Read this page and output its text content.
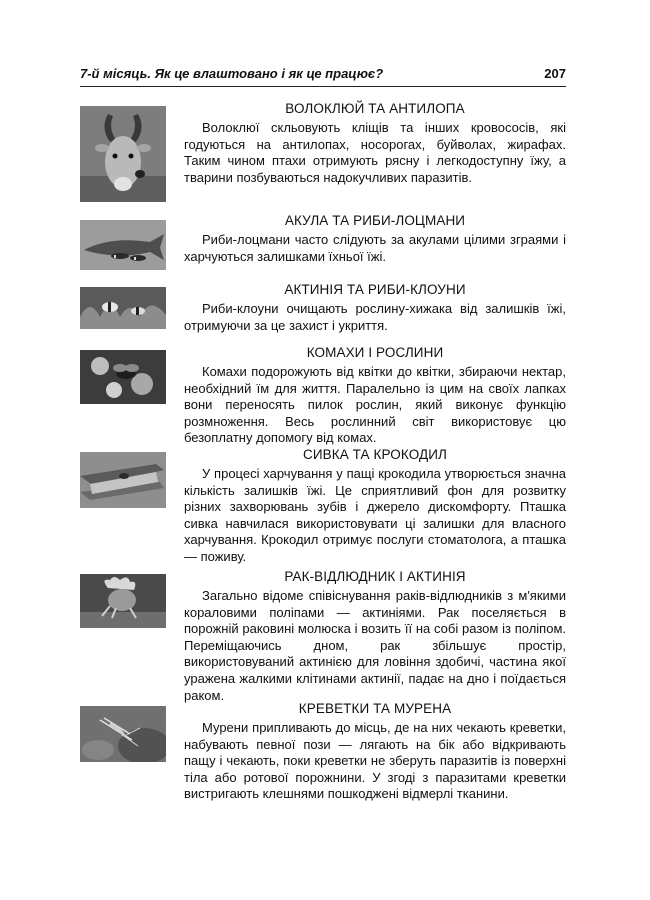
7-й місяць. Як це влаштовано і як це працює?	207
ВОЛОКЛЮЙ ТА АНТИЛОПА

Волоклюї скльовують кліщів та інших кровососів, які годуються на антилопах, носорогах, буйволах, жирафах. Таким чином птахи отримують рясну і легкодоступну їжу, а тварини позбуваються надокучливих паразитів.

АКУЛА ТА РИБИ-ЛОЦМАНИ

Риби-лоцмани часто слідують за акулами цілими зграями і харчуються залишками їхньої їжі.

АКТИНІЯ ТА РИБИ-КЛОУНИ

Риби-клоуни очищають рослину-хижака від залишків їжі, отримуючи за це захист і укриття.

КОМАХИ І РОСЛИНИ

Комахи подорожують від квітки до квітки, збираючи нектар, необхідний їм для життя. Паралельно із цим на своїх лапках вони переносять пилок рослин, який виконує функцію розмноження. Весь рослинний світ використовує цю безоплатну допомогу від комах.

СИВКА ТА КРОКОДИЛ

У процесі харчування у пащі крокодила утворюється значна кількість залишків їжі. Це сприятливий фон для розвитку різних захворювань зубів і джерело дискомфорту. Пташка сивка навчилася використовувати ці залишки для власного харчування. Крокодил отримує послуги стоматолога, а пташка — поживу.

РАК-ВІДЛЮДНИК І АКТИНІЯ

Загально відоме співіснування раків-відлюдників з м'якими кораловими поліпами — актиніями. Рак поселяється в порожній раковині молюска і возить її на собі разом із поліпом. Переміщаючись дном, рак збільшує простір, використовуваний актинією для ловіння здобичі, частина якої уражена жалкими клітинами актинії, падає на дно і поїдається раком.

КРЕВЕТКИ ТА МУРЕНА

Мурени припливають до місць, де на них чекають креветки, набувають певної пози — лягають на бік або відкривають пащу і чекають, поки креветки не зберуть паразитів із поверхні тіла або ротової порожнини. У згоді з паразитами креветки вистригають клешнями пошкоджені відмерлі тканини.
